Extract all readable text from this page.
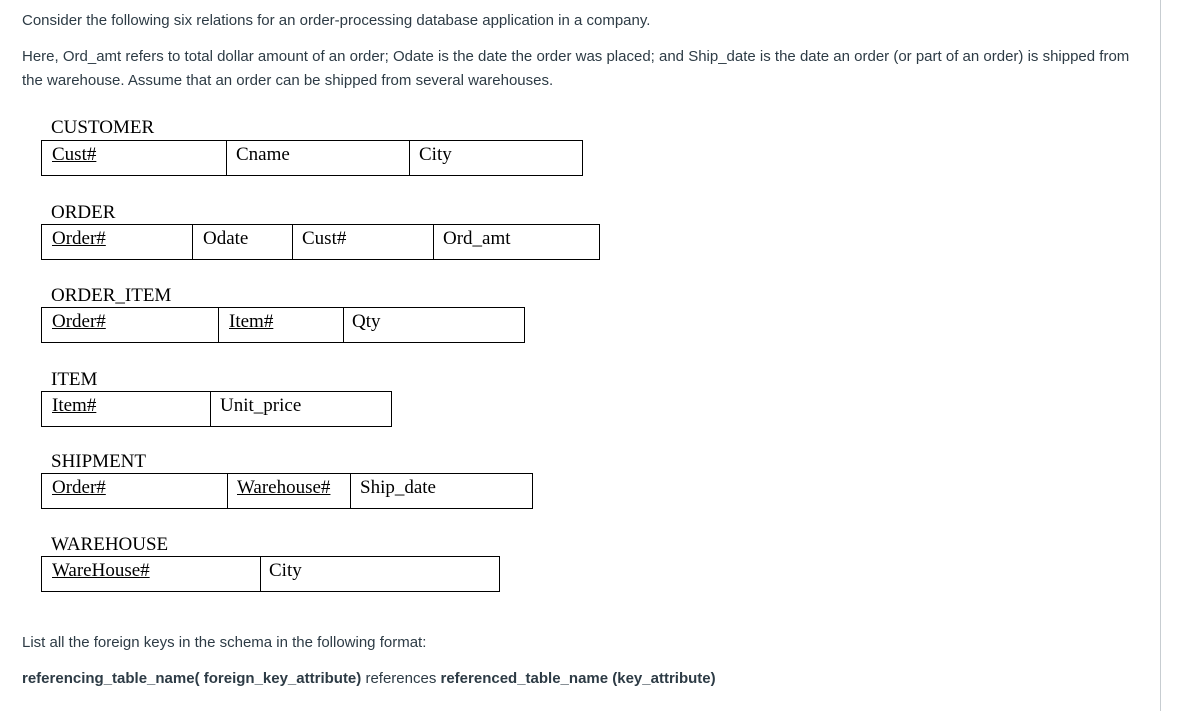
Consider the following six relations for an order-processing database application in a company.

Here, Ord_amt refers to total dollar amount of an order; Odate is the date the order was placed; and Ship_date is the date an order (or part of an order) is shipped from the warehouse. Assume that an order can be shipped from several warehouses.

CUSTOMER
Cust#	Cname	City
ORDER
Order#	Odate	Cust#	Ord_amt
ORDER_ITEM
Order#	Item#	Qty
ITEM
Item#	Unit_price
SHIPMENT
Order#	Warehouse#	Ship_date
WAREHOUSE
WareHouse#	City

List all the foreign keys in the schema in the following format:

referencing_table_name( foreign_key_attribute) references referenced_table_name (key_attribute)
